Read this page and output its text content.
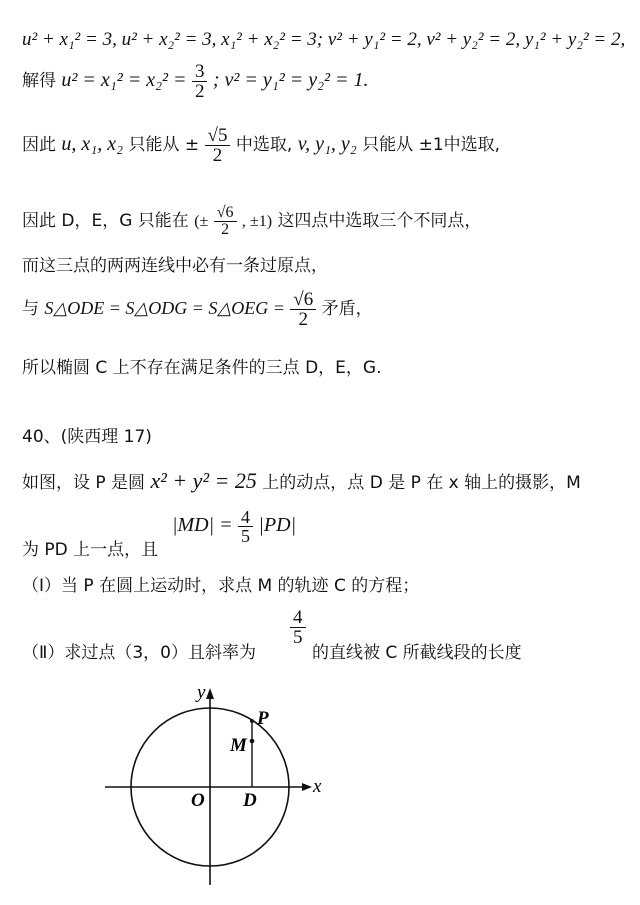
u² + x₁² = 3, u² + x₂² = 3, x₁² + x₂² = 3; v² + y₁² = 2, v² + y₂² = 2, y₁² + y₂² = 2,
解得 $u^2 = x_1^2 = x_2^2 = \frac{3}{2}$ ; v² = y₁² = y₂² = 1.
因此 u, x₁, x₂ 只能从 ± $\frac{√5}{2}$ 中选取, v, y₁, y₂ 只能从 ±1中选取,
因此 D，E，G 只能在 (± $\frac{√6}{2}$ , ±1) 这四点中选取三个不同点，
而这三点的两两连线中必有一条过原点，
与 S△ODE = S△ODG = S△OEG = $\frac{√6}{2}$ 矛盾，
所以椭圆 C 上不存在满足条件的三点 D，E，G.
40、(陕西理 17)
如图，设 P 是圆 x² + y² = 25 上的动点，点 D 是 P 在 x 轴上的摄影，M
$|MD| = \frac{4}{5} |PD|$
为 PD 上一点，且
（Ⅰ）当 P 在圆上运动时，求点 M 的轨迹 C 的方程；
$\frac{4}{5}$
（Ⅱ）求过点（3，0）且斜率为	的直线被 C 所截线段的长度
y
x
O D
P
M
